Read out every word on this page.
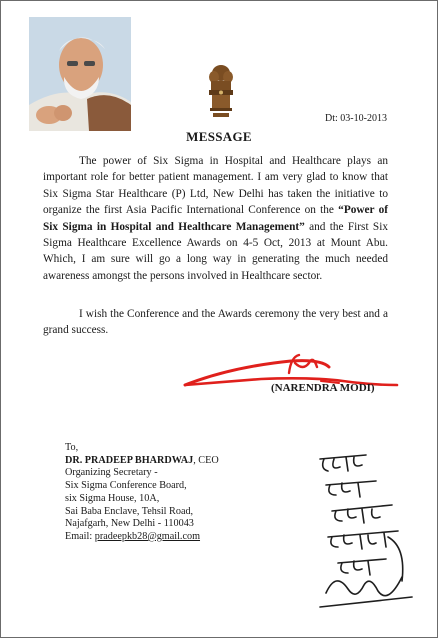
Dt: 03-10-2013
MESSAGE

The power of Six Sigma in Hospital and Healthcare plays an important role for better patient management. I am very glad to know that Six Sigma Star Healthcare (P) Ltd, New Delhi has taken the initiative to organize the first Asia Pacific International Conference on the “Power of Six Sigma in Hospital and Healthcare Management” and the First Six Sigma Healthcare Excellence Awards on 4-5 Oct, 2013 at Mount Abu. Which, I am sure will go a long way in generating the much needed awareness amongst the persons involved in Healthcare sector.

I wish the Conference and the Awards ceremony the very best and a grand success.

(NARENDRA MODI)
To,
DR. PRADEEP BHARDWAJ, CEO
Organizing Secretary -
Six Sigma Conference Board,
six Sigma House, 10A,
Sai Baba Enclave, Tehsil Road,
Najafgarh, New Delhi - 110043
Email: pradeepkb28@gmail.com
